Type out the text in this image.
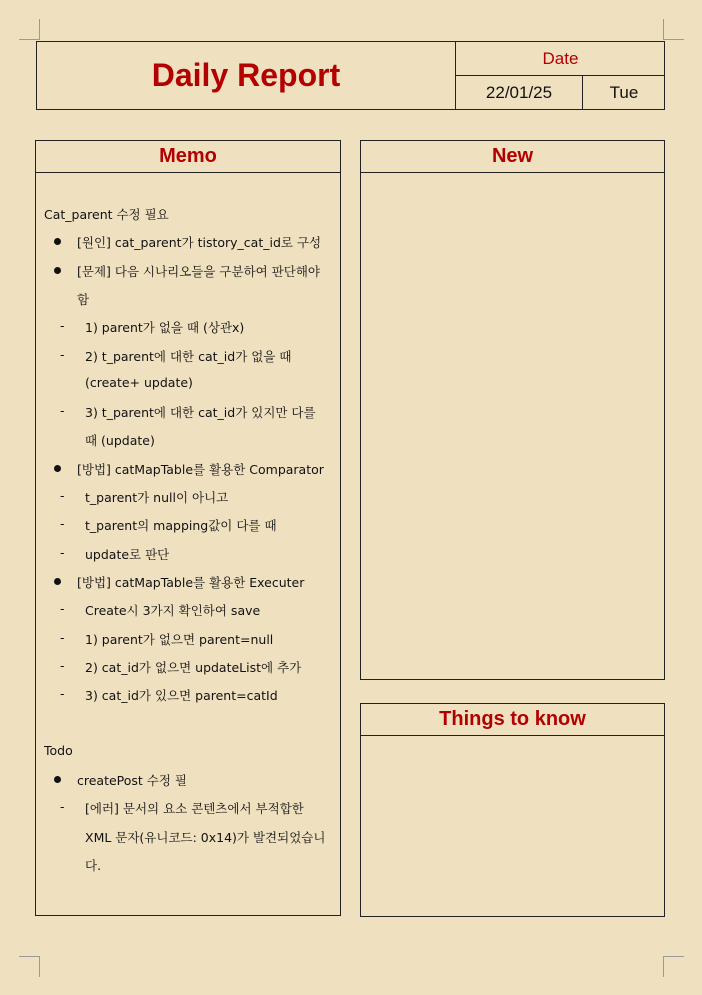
Daily Report	Date
22/01/25	Tue
Memo
Cat_parent 수정 필요
[원인] cat_parent가 tistory_cat_id로 구성
[문제] 다음 시나리오들을 구분하여 판단해야
함
- 1) parent가 없을 때 (상관x)
- 2) t_parent에 대한 cat_id가 없을 때
(create+ update)
- 3) t_parent에 대한 cat_id가 있지만 다를
때 (update)
[방법] catMapTable를 활용한 Comparator
- t_parent가 null이 아니고
- t_parent의 mapping값이 다를 때
- update로 판단
[방법] catMapTable를 활용한 Executer
- Create시 3가지 확인하여 save
- 1) parent가 없으면 parent=null
- 2) cat_id가 없으면 updateList에 추가
- 3) cat_id가 있으면 parent=catId
Todo
createPost 수정 필
- [에러] 문서의 요소 콘텐츠에서 부적합한
XML 문자(유니코드: 0x14)가 발견되었습니
다.
New
Things to know
